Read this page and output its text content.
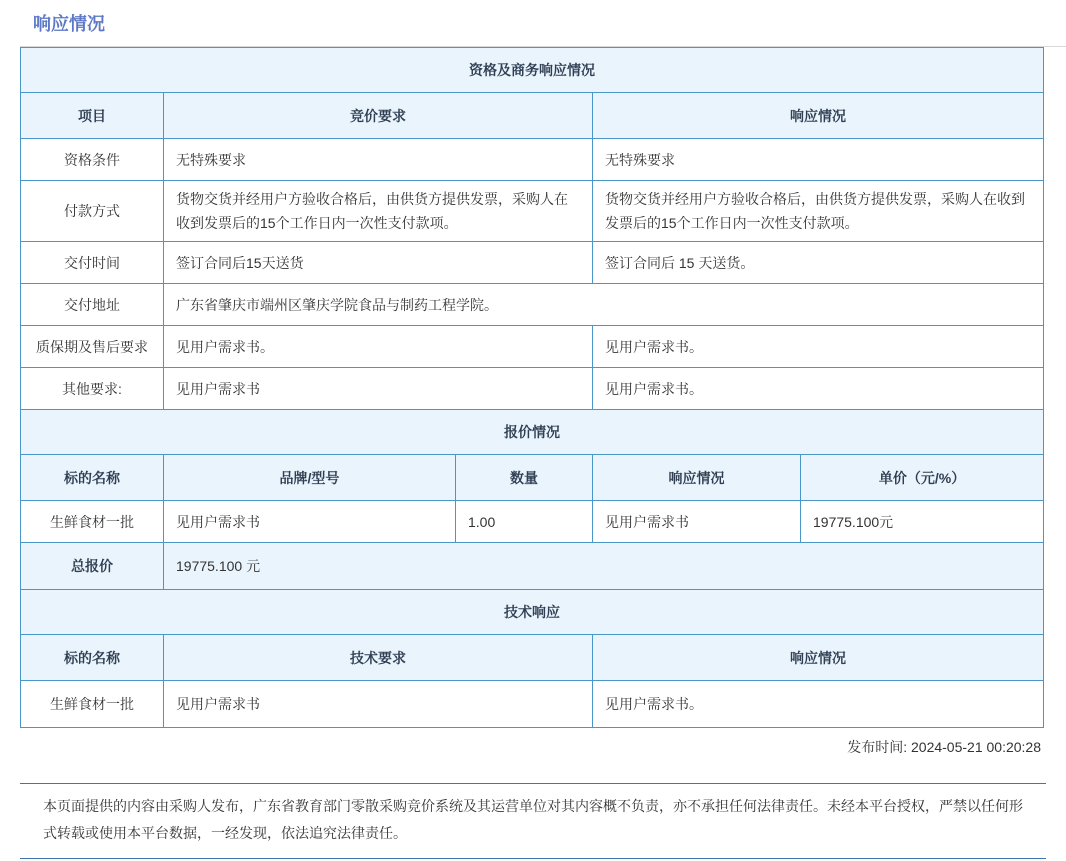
响应情况
资格及商务响应情况				
项目	竞价要求		响应情况	
资格条件	无特殊要求		无特殊要求	
付款方式	货物交货并经用户方验收合格后，由供货方提供发票，采购人在收到发票后的15个工作日内一次性支付款项。		货物交货并经用户方验收合格后，由供货方提供发票，采购人在收到发票后的15个工作日内一次性支付款项。	
交付时间	签订合同后15天送货		签订合同后 15 天送货。	
交付地址	广东省肇庆市端州区肇庆学院食品与制药工程学院。			
质保期及售后要求	见用户需求书。		见用户需求书。	
其他要求:	见用户需求书		见用户需求书。	
报价情况				
标的名称	品牌/型号	数量	响应情况	单价（元/%）
生鲜食材一批	见用户需求书	1.00	见用户需求书	19775.100元
总报价	19775.100 元			
技术响应				
标的名称	技术要求		响应情况	
生鲜食材一批	见用户需求书		见用户需求书。	
发布时间: 2024-05-21 00:20:28

本页面提供的内容由采购人发布，广东省教育部门零散采购竞价系统及其运营单位对其内容概不负责，亦不承担任何法律责任。未经本平台授权，严禁以任何形式转载或使用本平台数据，一经发现，依法追究法律责任。
